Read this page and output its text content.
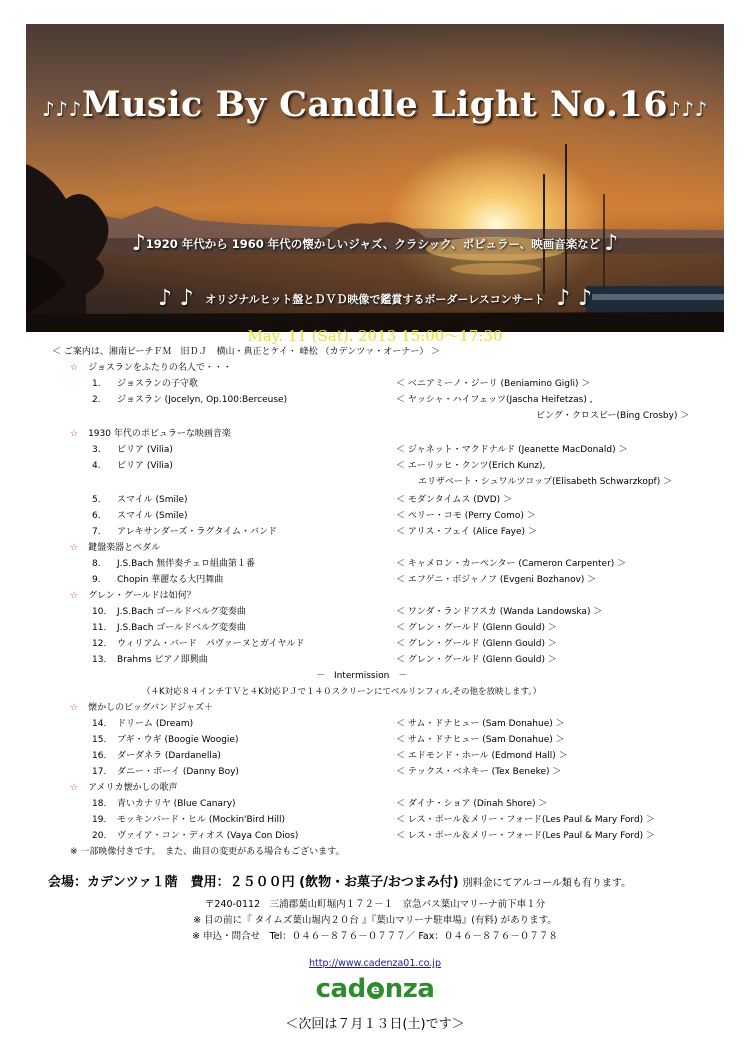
♪♪♪Music By Candle Light No.16♪♪♪
♪1920 年代から 1960 年代の懐かしいジャズ、クラシック、ポピュラー、映画音楽など ♪
♪ ♪ オリジナルヒット盤とＤＶＤ映像で鑑賞するボーダーレスコンサート ♪ ♪
May. 11 (Sat). 2013 15:00～17:30
＜ ご案内は、湘南ビーチＦＭ　旧ＤＪ　横山・典正とケイ・ 峰松 （カデンツァ・オーナー） ＞
☆ ジョスランをふたりの名人で・・・
1.	ジョスランの子守歌	＜ ベニアミーノ・ジーリ (Beniamino Gigli) ＞
2.	ジョスラン (Jocelyn, Op.100:Berceuse)	＜ ヤッシャ・ハイフェッツ(Jascha Heifetzas) ,
ビング・クロスビー(Bing Crosby) ＞
☆ 1930 年代のポピュラーな映画音楽
3.	ビリア (Vilia)	＜ ジャネット・マクドナルド (Jeanette MacDonald) ＞
4.	ビリア (Vilia)	＜ エーリッヒ・クンツ(Erich Kunz),
エリザベート・シュワルツコップ(Elisabeth Schwarzkopf) ＞
5.	スマイル (Smile)	＜ モダンタイムス (DVD) ＞
6.	スマイル (Smile)	＜ ペリー・コモ (Perry Como) ＞
7.	アレキサンダーズ・ラグタイム・バンド	＜ アリス・フェイ (Alice Faye) ＞
☆ 鍵盤楽器とペダル
8.	J.S.Bach 無伴奏チェロ組曲第１番	＜ キャメロン・カーペンター (Cameron Carpenter) ＞
9.	Chopin 華麗なる大円舞曲	＜ エフゲニ・ボジャノフ (Evgeni Bozhanov) ＞
☆ グレン・グールドは如何？
10.	J.S.Bach ゴールドベルグ変奏曲	＜ ワンダ・ランドフスカ (Wanda Landowska) ＞
11.	J.S.Bach ゴールドベルグ変奏曲	＜ グレン・グールド (Glenn Gould) ＞
12.	ウィリアム・バード　パヴァーヌとガイヤルド	＜ グレン・グールド (Glenn Gould) ＞
13.	Brahms ピアノ即興曲	＜ グレン・グールド (Glenn Gould) ＞
－　Intermission　－
（４K対応８４インチＴＶと４K対応ＰＪで１４０スクリーンにてベルリンフィル,その他を放映します。）
☆ 懐かしのビッグバンドジャズ＋
14.	ドリーム (Dream)	＜ サム・ドナヒュー (Sam Donahue) ＞
15.	ブギ・ウギ (Boogie Woogie)	＜ サム・ドナヒュー (Sam Donahue) ＞
16.	ダーダネラ (Dardanella)	＜ エドモンド・ホール (Edmond Hall) ＞
17.	ダニー・ボーイ (Danny Boy)	＜ テックス・ベネキー (Tex Beneke) ＞
☆ アメリカ懐かしの歌声
18.	青いカナリヤ (Blue Canary)	＜ ダイナ・ショア (Dinah Shore) ＞
19.	モッキンバード・ヒル (Mockin'Bird Hill)	＜ レス・ポール＆メリー・フォード(Les Paul & Mary Ford) ＞
20.	ヴァイア・コン・ディオス (Vaya Con Dios)	＜ レス・ポール＆メリー・フォード(Les Paul & Mary Ford) ＞
※ 一部映像付きです。　また、曲目の変更がある場合もございます。
会場：カデンツァ１階　費用：２５００円 (飲物・お菓子/おつまみ付) 別料金にてアルコール類も有ります。
〒240-0112　三浦郡葉山町堀内１７２－１　京急バス葉山マリーナ前下車１分
※ 目の前に『 タイムズ葉山堀内２０台 』『葉山マリーナ駐車場』(有料) があります。
※ 申込・問合せ　Tel：０４６－８７６－０７７７／ Fax：０４６－８７６－０７７８
http://www.cadenza01.co.jp
cad e nza
＜次回は７月１３日(土)です＞
